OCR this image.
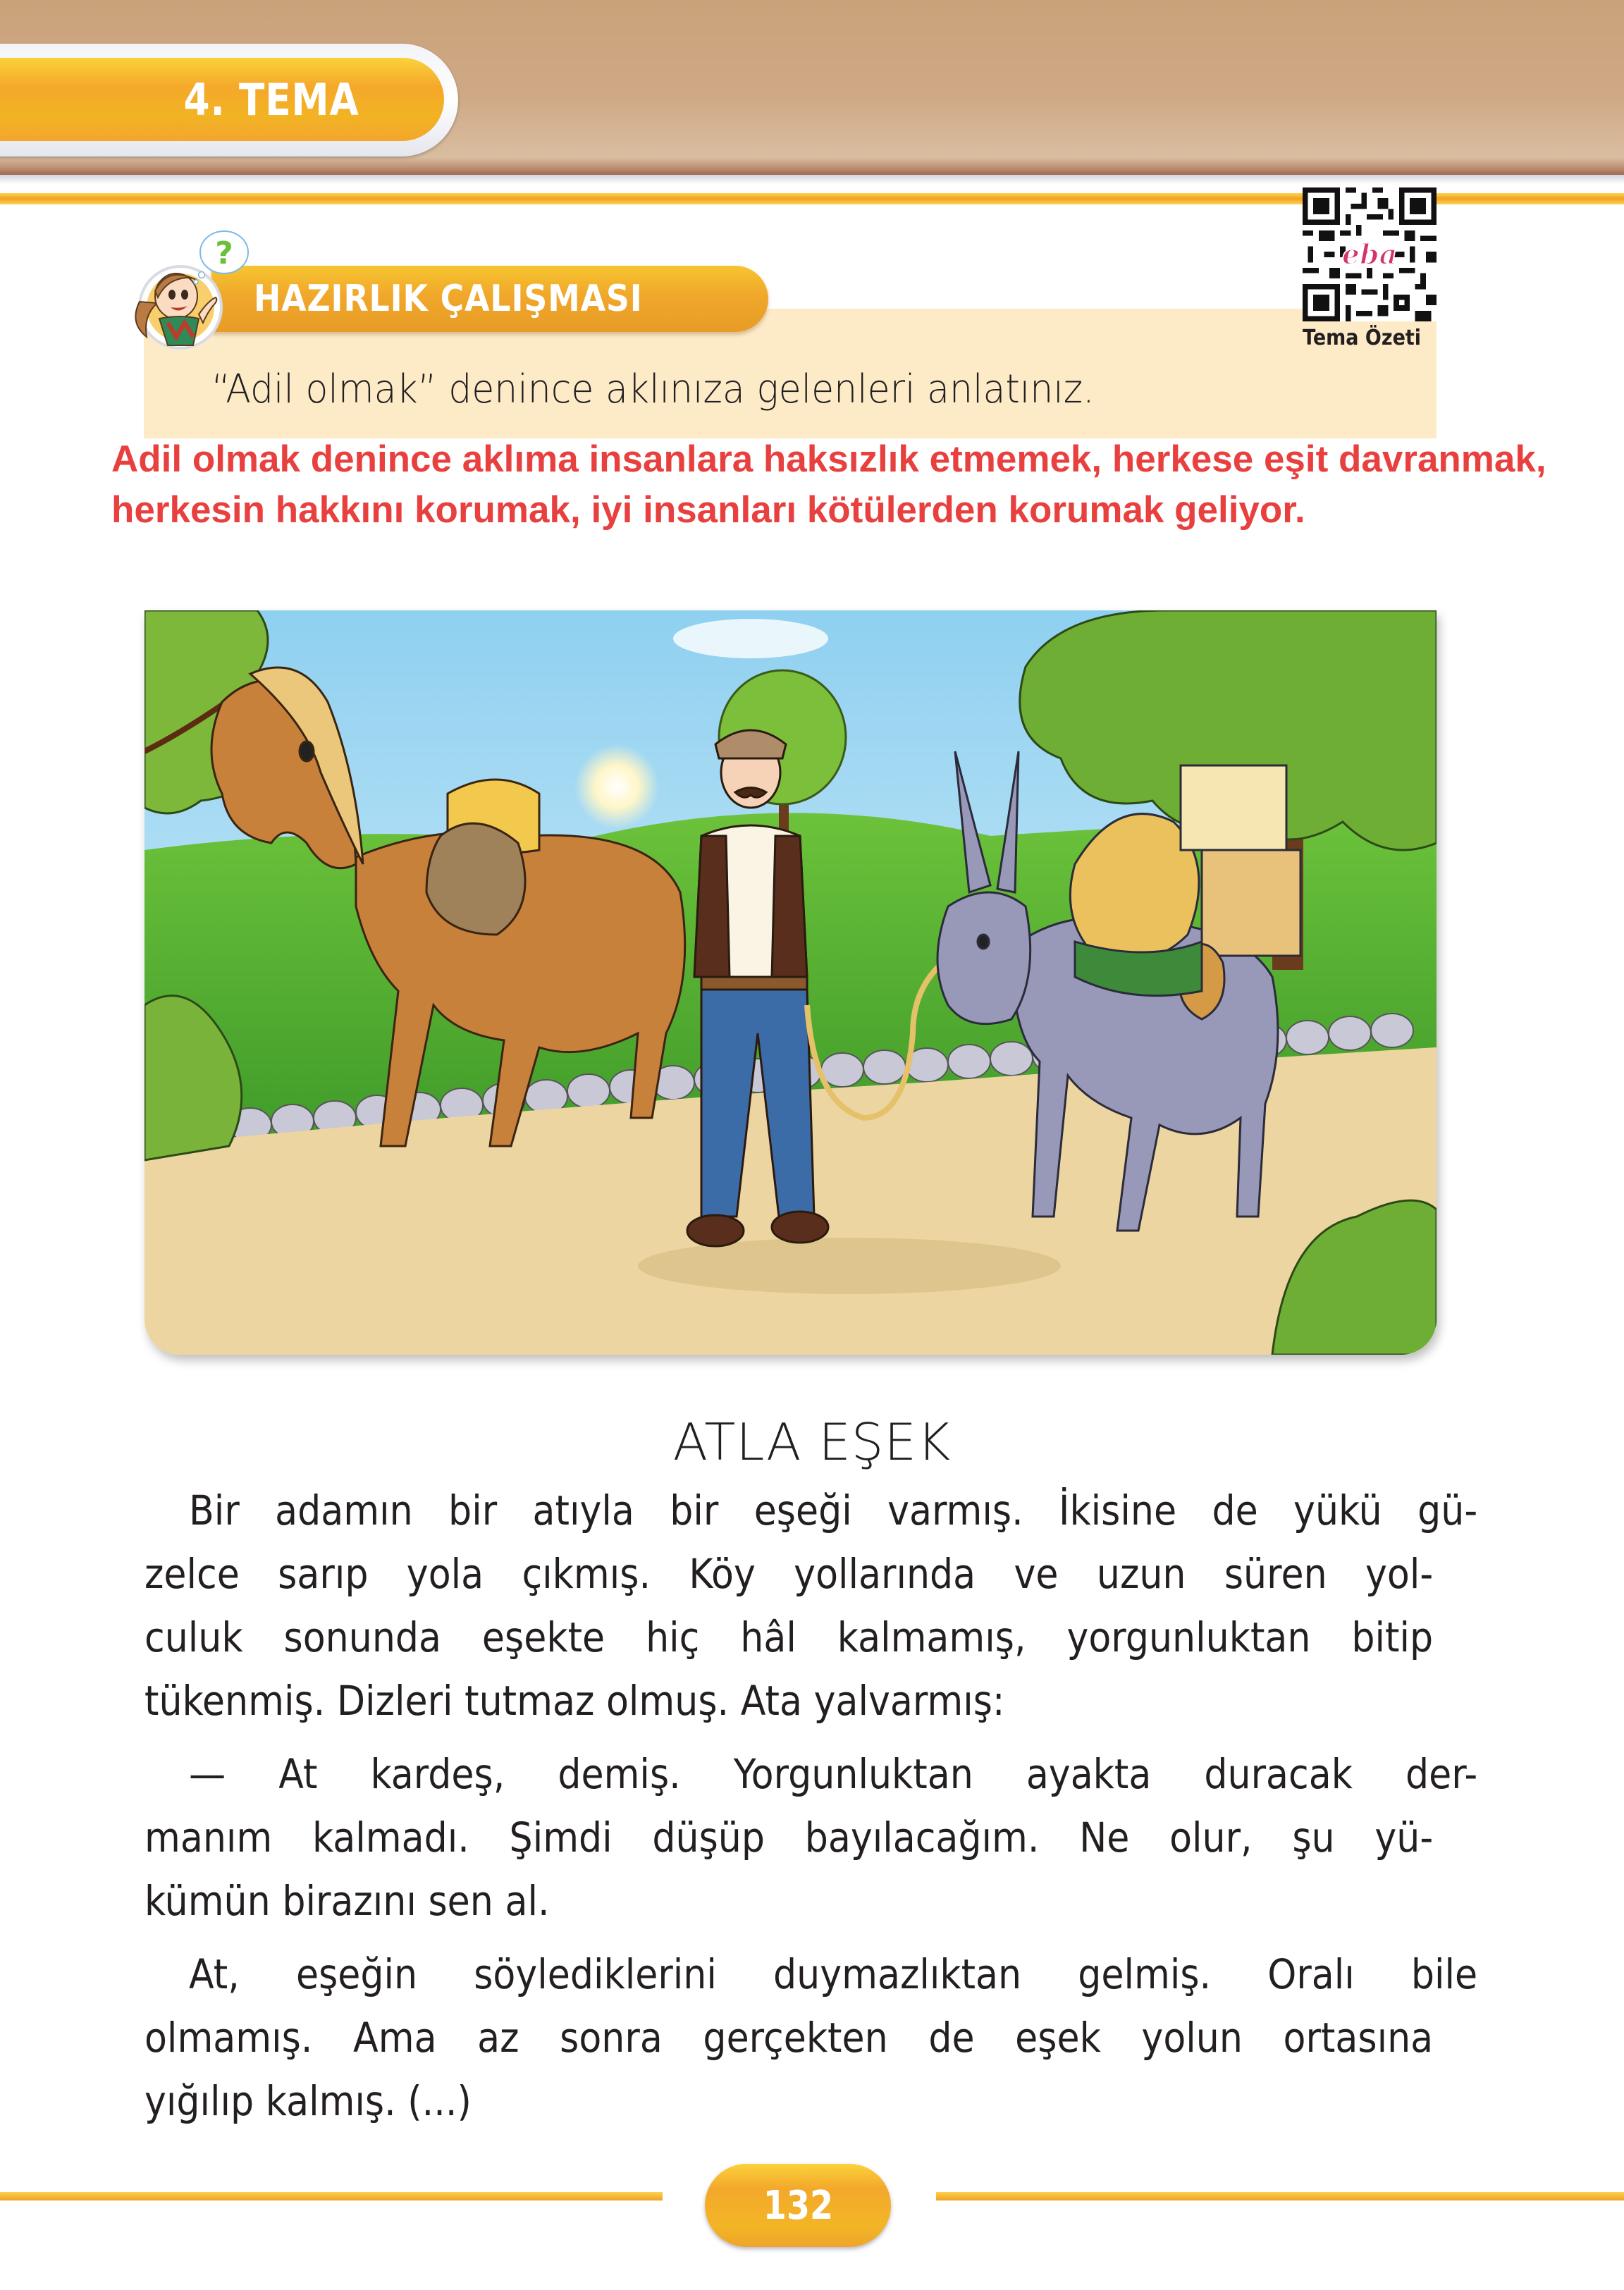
4. TEMA
eba
Tema Özeti
HAZIRLIK ÇALIŞMASI
?
“Adil olmak” denince aklınıza gelenleri anlatınız.
Adil olmak denince aklıma insanlara haksızlık etmemek, herkese eşit davranmak, herkesin hakkını korumak, iyi insanları kötülerden korumak geliyor.
ATLA EŞEK
Bir adamın bir atıyla bir eşeği varmış. İkisine de yükü gü-
zelce sarıp yola çıkmış. Köy yollarında ve uzun süren yol-
culuk sonunda eşekte hiç hâl kalmamış, yorgunluktan bitip
tükenmiş. Dizleri tutmaz olmuş. Ata yalvarmış:
— At kardeş, demiş. Yorgunluktan ayakta duracak der-
manım kalmadı. Şimdi düşüp bayılacağım. Ne olur, şu yü-
kümün birazını sen al.
At, eşeğin söylediklerini duymazlıktan gelmiş. Oralı bile
olmamış. Ama az sonra gerçekten de eşek yolun ortasına
yığılıp kalmış. (...)
132
